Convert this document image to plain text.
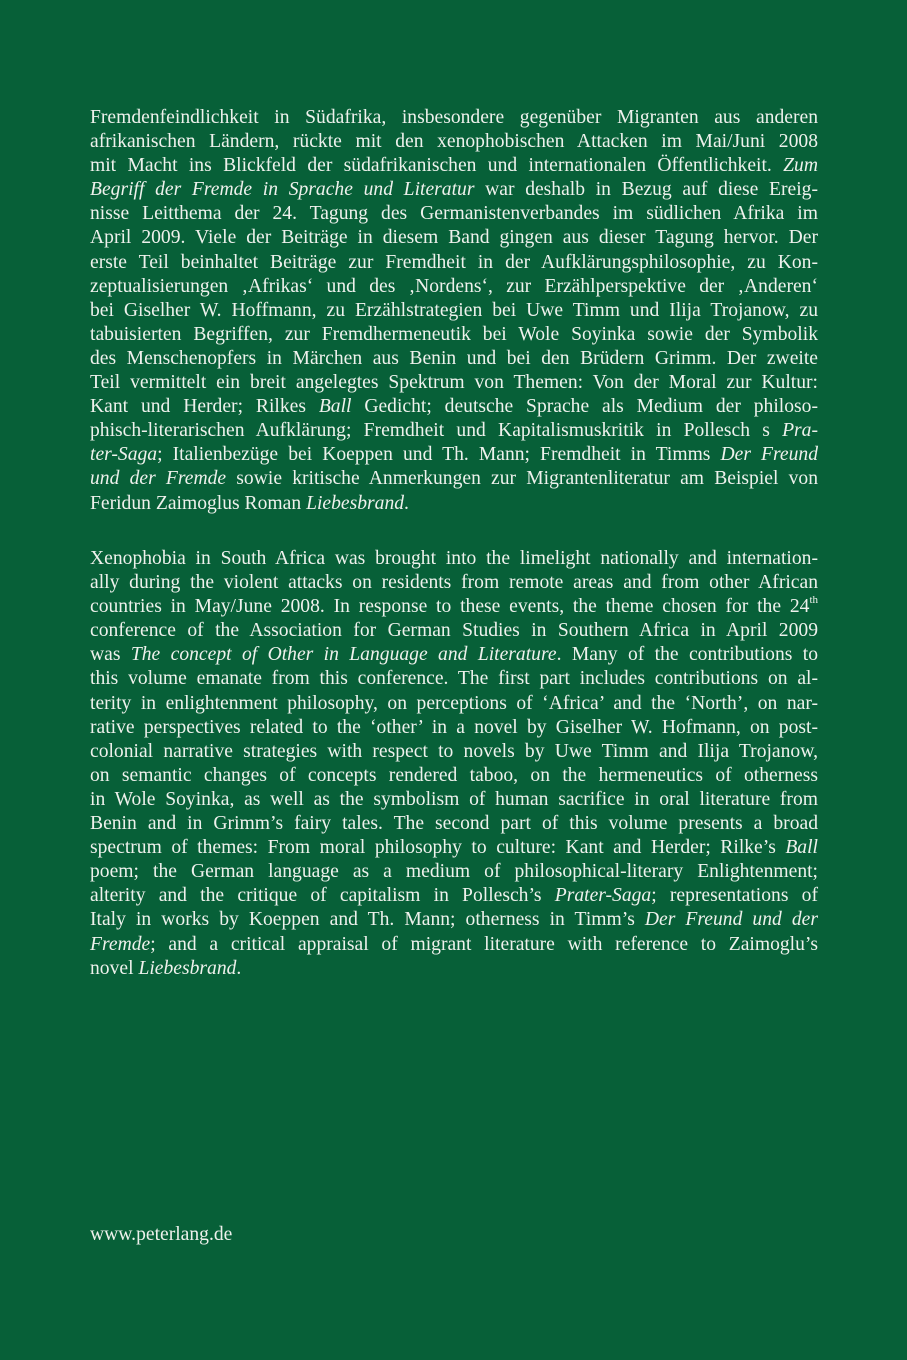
Fremdenfeindlichkeit in Südafrika, insbesondere gegenüber Migranten aus anderen
afrikanischen Ländern, rückte mit den xenophobischen Attacken im Mai/Juni 2008
mit Macht ins Blickfeld der südafrikanischen und internationalen Öffentlichkeit. Zum
Begriff der Fremde in Sprache und Literatur war deshalb in Bezug auf diese Ereig-
nisse Leitthema der 24. Tagung des Germanistenverbandes im südlichen Afrika im
April 2009. Viele der Beiträge in diesem Band gingen aus dieser Tagung hervor. Der
erste Teil beinhaltet Beiträge zur Fremdheit in der Aufklärungsphilosophie, zu Kon-
zeptualisierungen ‚Afrikas‘ und des ‚Nordens‘, zur Erzählperspektive der ‚Anderen‘
bei Giselher W. Hoffmann, zu Erzählstrategien bei Uwe Timm und Ilija Trojanow, zu
tabuisierten Begriffen, zur Fremdhermeneutik bei Wole Soyinka sowie der Symbolik
des Menschenopfers in Märchen aus Benin und bei den Brüdern Grimm. Der zweite
Teil vermittelt ein breit angelegtes Spektrum von Themen: Von der Moral zur Kultur:
Kant und Herder; Rilkes Ball Gedicht; deutsche Sprache als Medium der philoso-
phisch-literarischen Aufklärung; Fremdheit und Kapitalismuskritik in Pollesch s Pra-
ter-Saga; Italienbezüge bei Koeppen und Th. Mann; Fremdheit in Timms Der Freund
und der Fremde sowie kritische Anmerkungen zur Migrantenliteratur am Beispiel von
Feridun Zaimoglus Roman Liebesbrand.
Xenophobia in South Africa was brought into the limelight nationally and internation-
ally during the violent attacks on residents from remote areas and from other African
countries in May/June 2008. In response to these events, the theme chosen for the 24th
conference of the Association for German Studies in Southern Africa in April 2009
was The concept of Other in Language and Literature. Many of the contributions to
this volume emanate from this conference. The first part includes contributions on al-
terity in enlightenment philosophy, on perceptions of ‘Africa’ and the ‘North’, on nar-
rative perspectives related to the ‘other’ in a novel by Giselher W. Hofmann, on post-
colonial narrative strategies with respect to novels by Uwe Timm and Ilija Trojanow,
on semantic changes of concepts rendered taboo, on the hermeneutics of otherness
in Wole Soyinka, as well as the symbolism of human sacrifice in oral literature from
Benin and in Grimm’s fairy tales. The second part of this volume presents a broad
spectrum of themes: From moral philosophy to culture: Kant and Herder; Rilke’s Ball
poem; the German language as a medium of philosophical-literary Enlightenment;
alterity and the critique of capitalism in Pollesch’s Prater-Saga; representations of
Italy in works by Koeppen and Th. Mann; otherness in Timm’s Der Freund und der
Fremde; and a critical appraisal of migrant literature with reference to Zaimoglu’s
novel Liebesbrand.

www.peterlang.de
